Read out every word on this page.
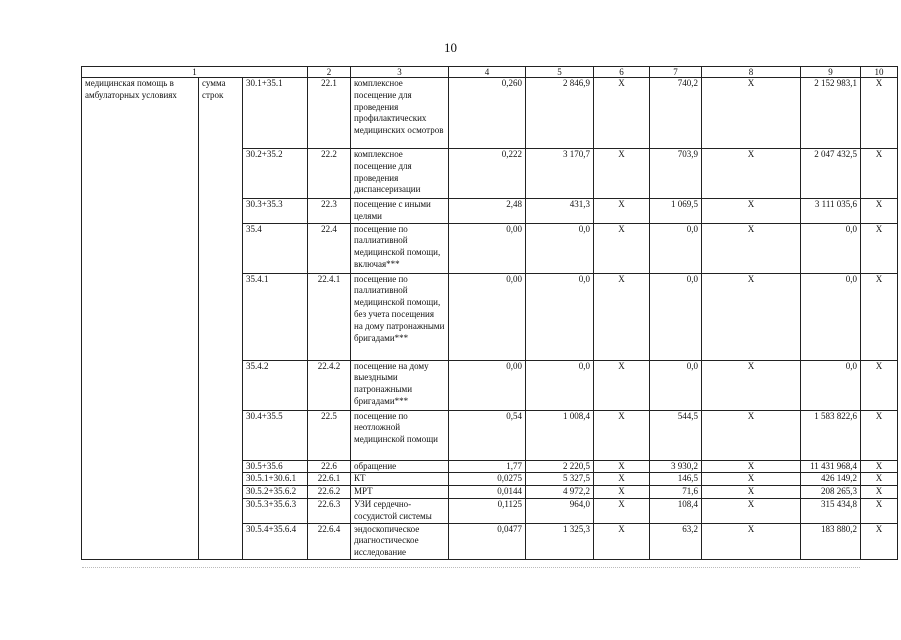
10
1			2	3	4	5	6	7	8	9	10
медицинская помощь в амбулаторных условиях	сумма строк	30.1+35.1	22.1	комплексное посещение для проведения профилактических медицинских осмотров	0,260	2 846,9	Х	740,2	Х	2 152 983,1	Х
		30.2+35.2	22.2	комплексное посещение для проведения диспансеризации	0,222	3 170,7	Х	703,9	Х	2 047 432,5	Х
		30.3+35.3	22.3	посещение с иными целями	2,48	431,3	Х	1 069,5	Х	3 111 035,6	Х
		35.4	22.4	посещение по паллиативной медицинской помощи, включая***	0,00	0,0	Х	0,0	Х	0,0	Х
		35.4.1	22.4.1	посещение по паллиативной медицинской помощи, без учета посещения на дому патронажными бригадами***	0,00	0,0	Х	0,0	Х	0,0	Х
		35.4.2	22.4.2	посещение на дому выездными патронажными бригадами***	0,00	0,0	Х	0,0	Х	0,0	Х
		30.4+35.5	22.5	посещение по неотложной медицинской помощи	0,54	1 008,4	Х	544,5	Х	1 583 822,6	Х
		30.5+35.6	22.6	обращение	1,77	2 220,5	Х	3 930,2	Х	11 431 968,4	Х
		30.5.1+30.6.1	22.6.1	КТ	0,0275	5 327,5	Х	146,5	Х	426 149,2	Х
		30.5.2+35.6.2	22.6.2	МРТ	0,0144	4 972,2	Х	71,6	Х	208 265,3	Х
		30.5.3+35.6.3	22.6.3	УЗИ сердечно-сосудистой системы	0,1125	964,0	Х	108,4	Х	315 434,8	Х
		30.5.4+35.6.4	22.6.4	эндоскопическое диагностическое исследование	0,0477	1 325,3	Х	63,2	Х	183 880,2	Х
